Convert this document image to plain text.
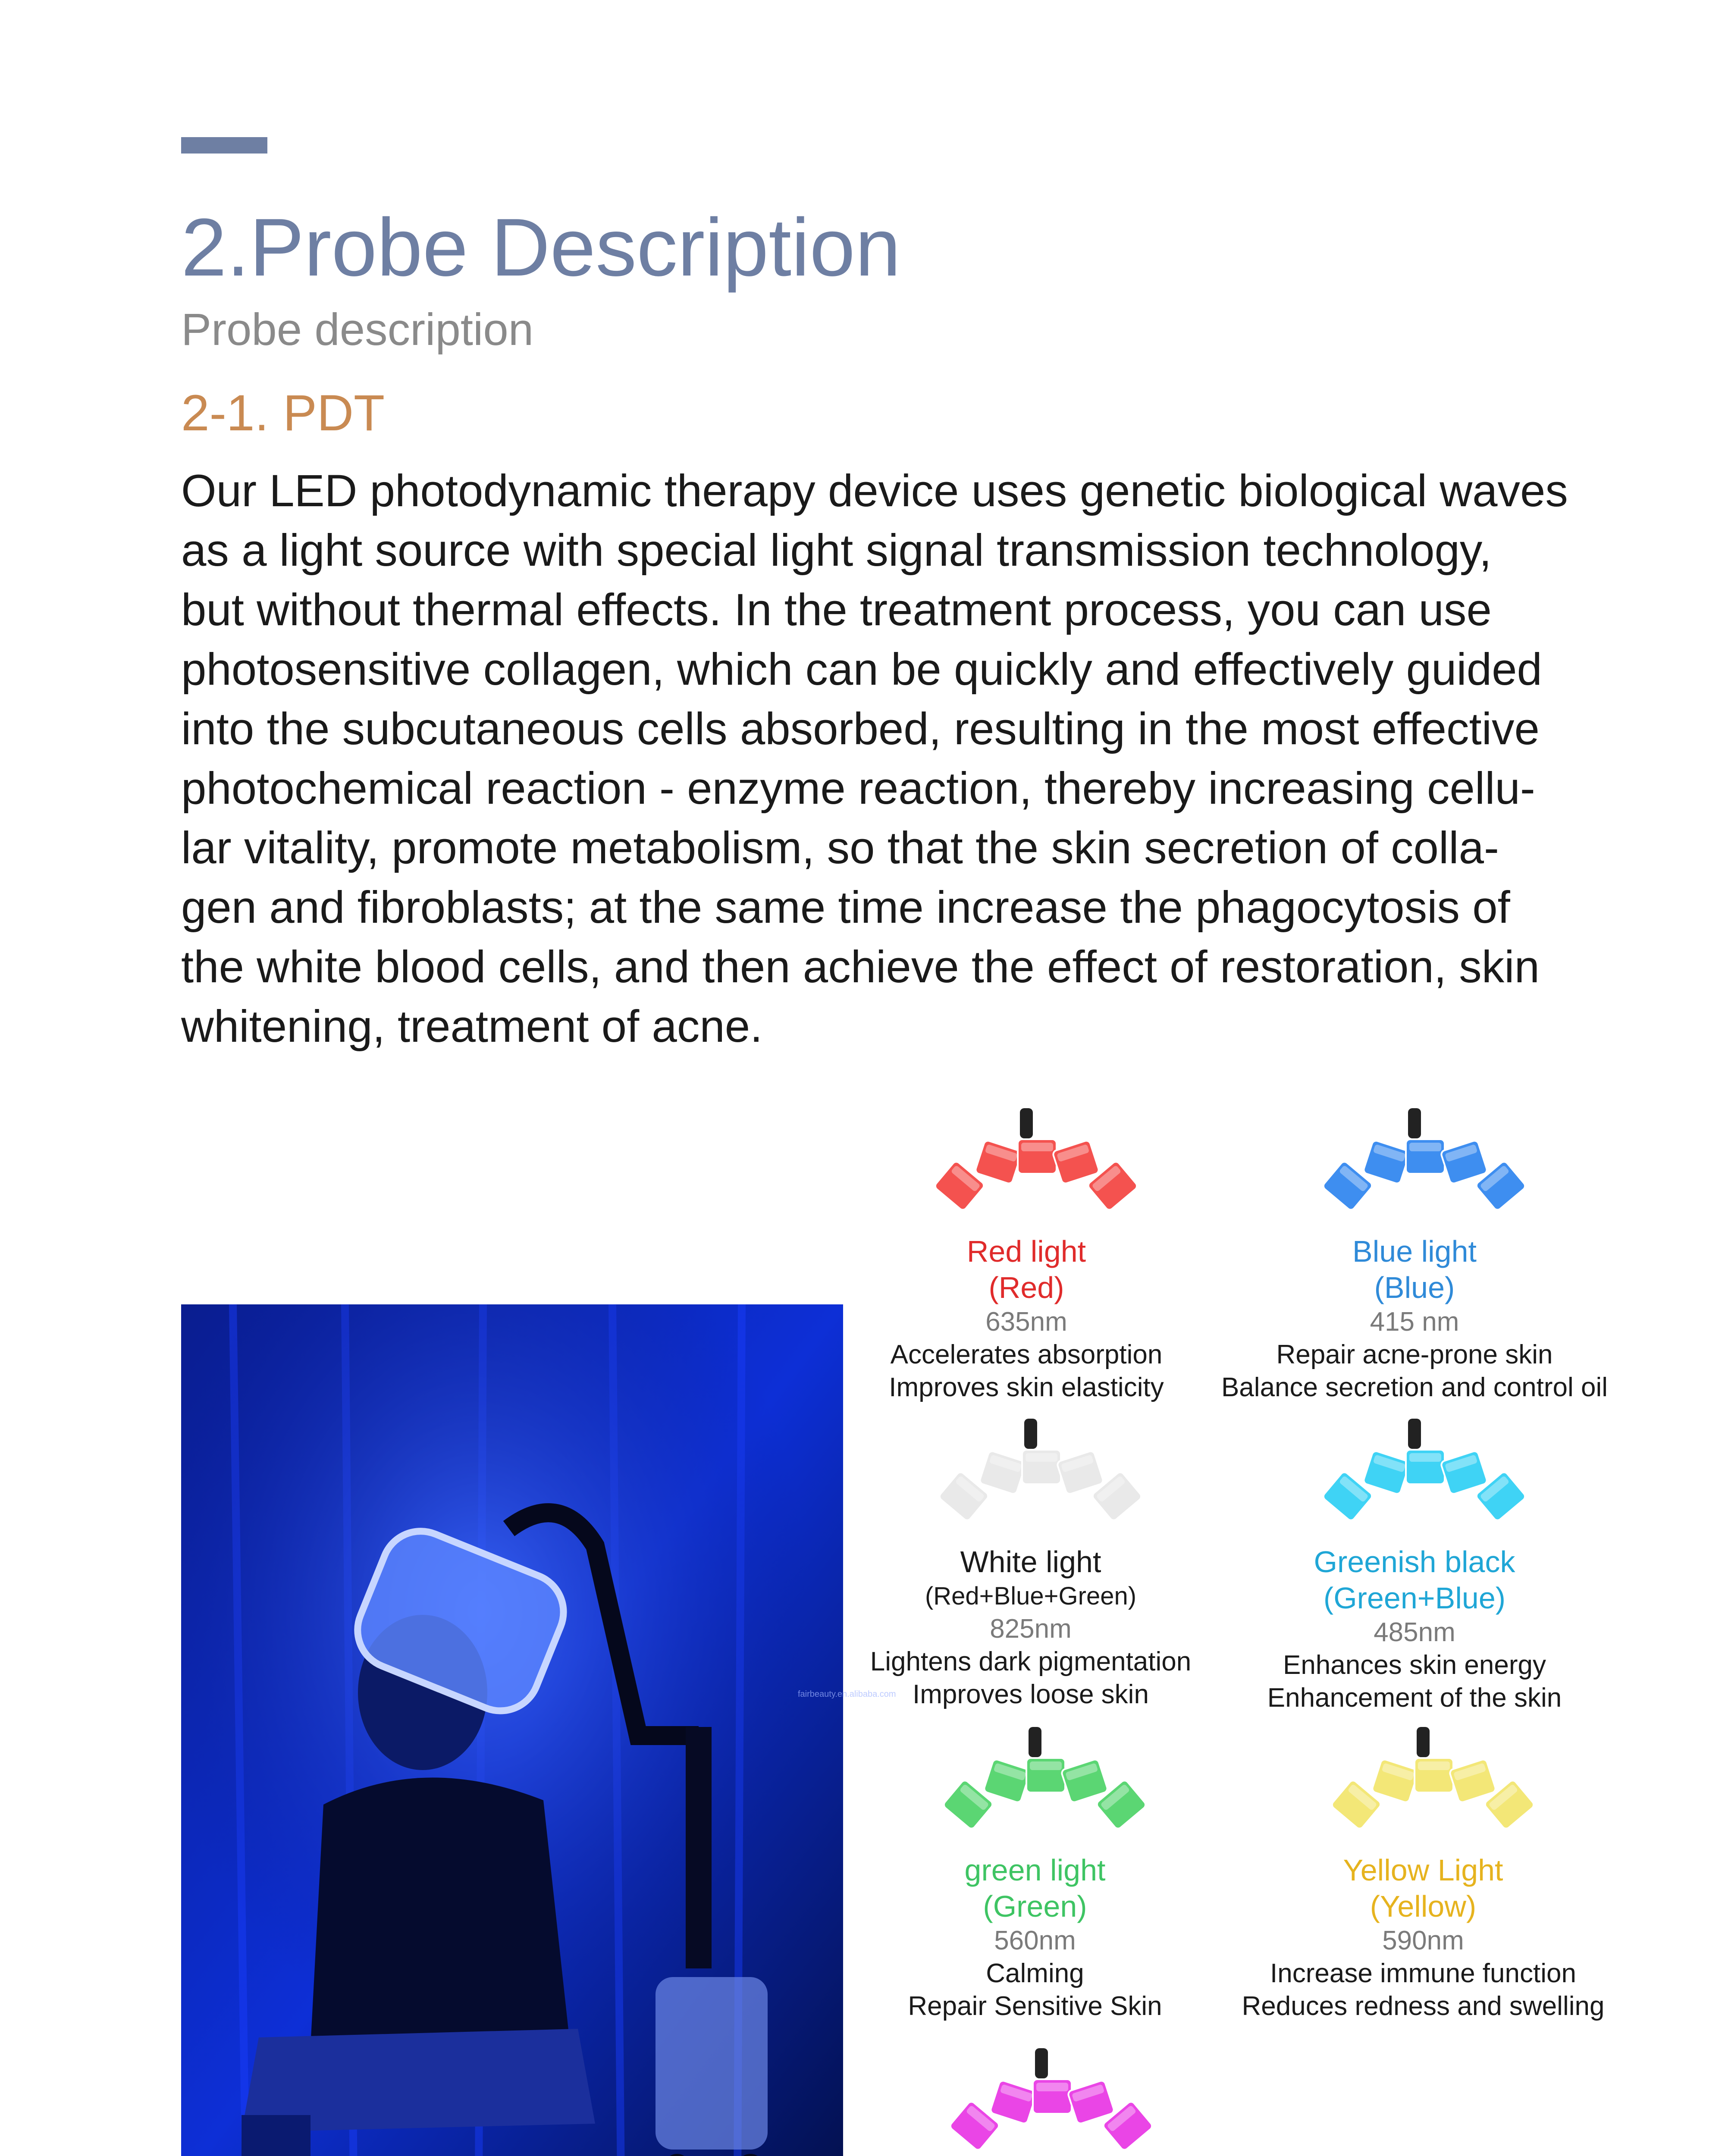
2.Probe Description
Probe description
2-1. PDT
Our LED photodynamic therapy device uses genetic biological waves
as a light source with special light signal transmission technology,
but without thermal effects. In the treatment process, you can use
photosensitive collagen, which can be quickly and effectively guided
into the subcutaneous cells absorbed, resulting in the most effective
photochemical reaction - enzyme reaction, thereby increasing cellu-
lar vitality, promote metabolism, so that the skin secretion of colla-
gen and fibroblasts; at the same time increase the phagocytosis of
the white blood cells, and then achieve the effect of restoration, skin
whitening, treatment of acne.
fairbeauty.en.alibaba.com
Red light
(Red)
635nm
Accelerates absorption
Improves skin elasticity
Blue light
(Blue)
415 nm
Repair acne-prone skin
Balance secretion and control oil
White light
(Red+Blue+Green)
825nm
Lightens dark pigmentation
Improves loose skin
Greenish black
(Green+Blue)
485nm
Enhances skin energy
Enhancement of the skin
green light
(Green)
560nm
Calming
Repair Sensitive Skin
Yellow Light
(Yellow)
590nm
Increase immune function
Reduces redness and swelling
